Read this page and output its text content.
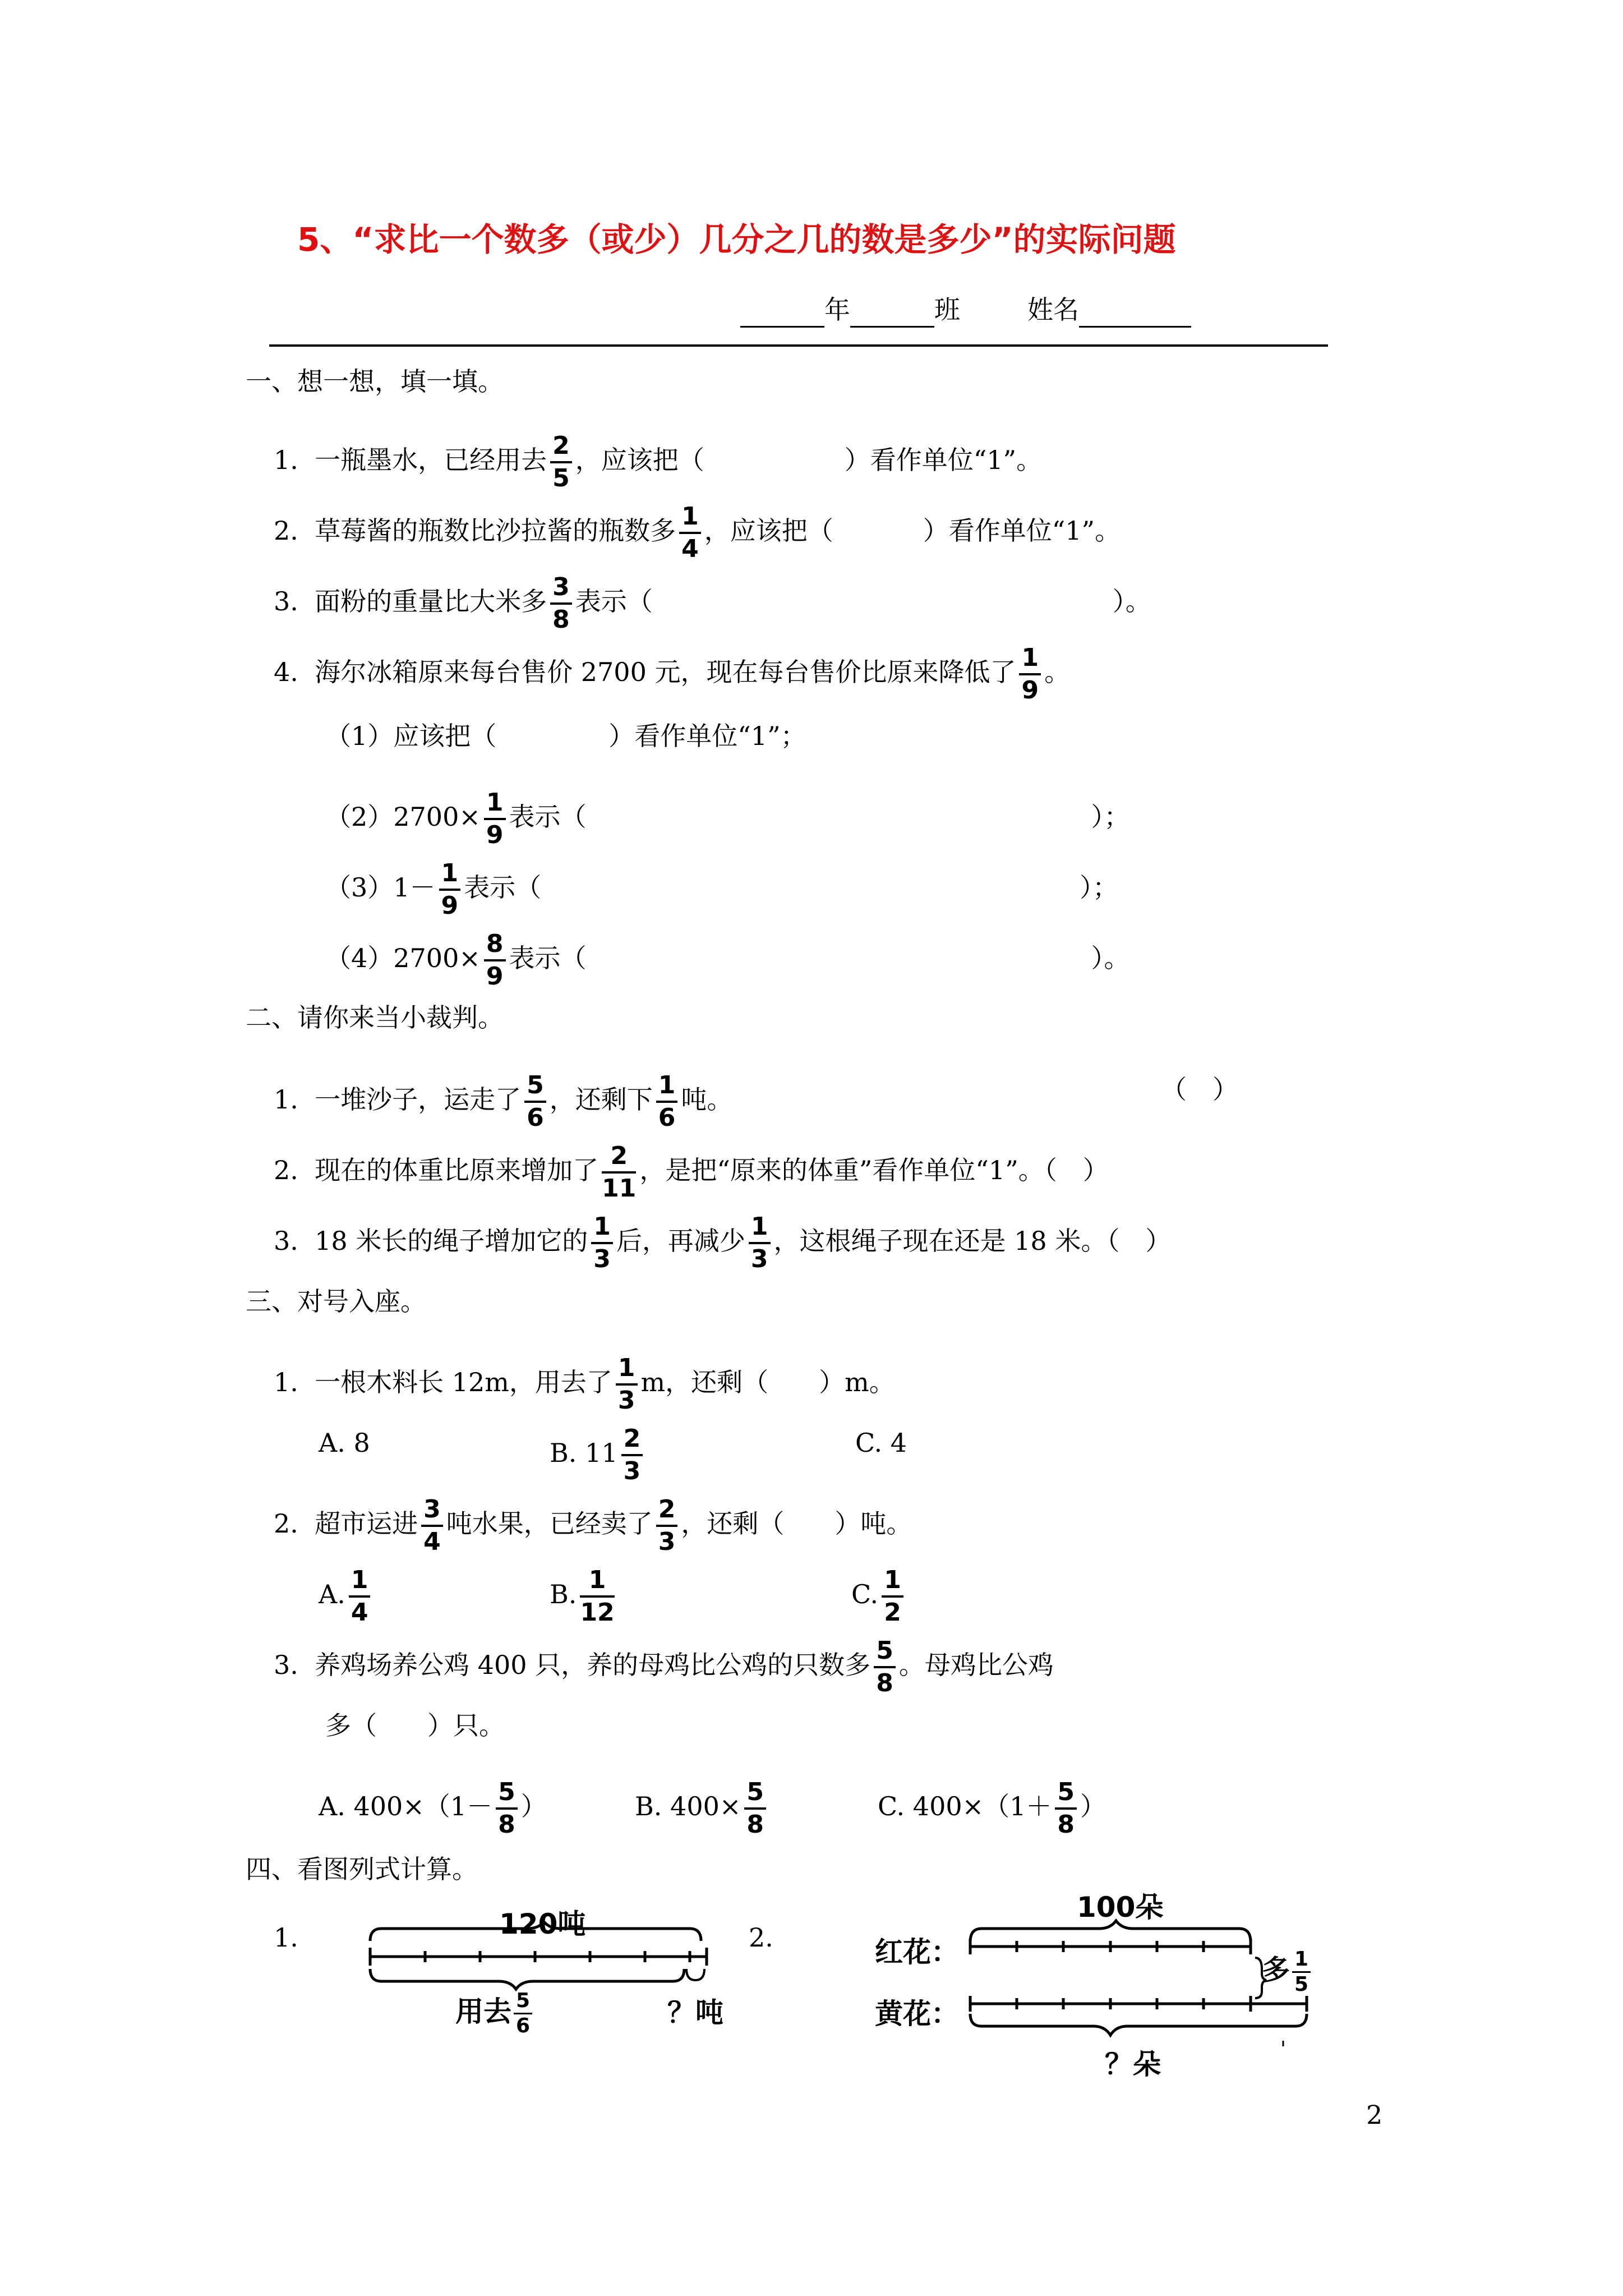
5、“求比一个数多（或少）几分之几的数是多少”的实际问题
年	班	姓名
一、想一想，填一填。
1. 一瓶墨水，已经用去 $\frac{2}{5}$ ，应该把（	）看作单位“1”。
2. 草莓酱的瓶数比沙拉酱的瓶数多 $\frac{1}{4}$ ，应该把（	）看作单位“1”。
3. 面粉的重量比大米多 $\frac{3}{8}$ 表示（	）。
4. 海尔冰箱原来每台售价 2700 元，现在每台售价比原来降低了 $\frac{1}{9}$ 。
（1）应该把（	）看作单位“1”；
$(2)2700\times \frac{1}{9}$ 表示（	）；
$(3)1- \frac{1}{9}$ 表示（	）；
$(4)2700\times \frac{8}{9}$ 表示（	）。
二、请你来当小裁判。
1. 一堆沙子，运走了 $\frac{5}{6}$ ，还剩下 $\frac{1}{6}$ 吨。	（　）
2. 现在的体重比原来增加了 $\frac{2}{11}$ ，是把“原来的体重”看作单位“1”。（　）
3. 18 米长的绳子增加它的 $\frac{1}{3}$ 后，再减少 $\frac{1}{3}$ ，这根绳子现在还是 18 米。（　）
三、对号入座。
1. 一根木料长 12m，用去了 $\frac{1}{3}$ m，还剩（ ）m。
A. 8	B. $11 \frac{2}{3}$	C. 4
2. 超市运进 $\frac{3}{4}$ 吨水果，已经卖了 $\frac{2}{3}$ ，还剩（ ）吨。
A. $\frac{1}{4}$	B. $\frac{1}{12}$	C. $\frac{1}{2}$
3. 养鸡场养公鸡 400 只，养的母鸡比公鸡的只数多 $\frac{5}{8}$ 。母鸡比公鸡
多（ ）只。
A. $400\times(1- \frac{5}{8}$ ）	B. $400\times \frac{5}{8}$	C. $400\times(1+ \frac{5}{8}$ ）
四、看图列式计算。
1.	120吨
用去 $\frac{5}{6}$	？吨
2.
100朵
红花：
黄花：
多 $\frac{1}{5}$
？朵
2
